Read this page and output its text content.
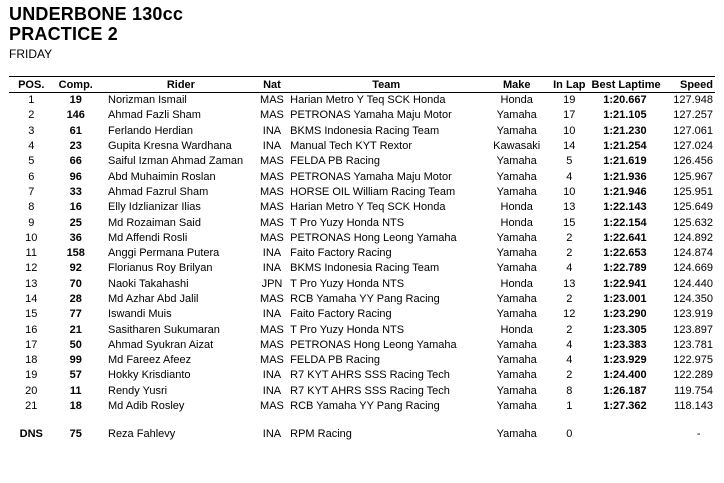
UNDERBONE 130cc
PRACTICE 2
FRIDAY
POS.	Comp.	Rider	Nat	Team	Make	In Lap	Best Laptime	Speed
1	19	Norizman Ismail	MAS	Harian Metro Y Teq SCK Honda	Honda	19	1:20.667	127.948
2	146	Ahmad Fazli Sham	MAS	PETRONAS Yamaha Maju Motor	Yamaha	17	1:21.105	127.257
3	61	Ferlando Herdian	INA	BKMS Indonesia Racing Team	Yamaha	10	1:21.230	127.061
4	23	Gupita Kresna Wardhana	INA	Manual Tech KYT Rextor	Kawasaki	14	1:21.254	127.024
5	66	Saiful Izman Ahmad Zaman	MAS	FELDA PB Racing	Yamaha	5	1:21.619	126.456
6	96	Abd Muhaimin Roslan	MAS	PETRONAS Yamaha Maju Motor	Yamaha	4	1:21.936	125.967
7	33	Ahmad Fazrul Sham	MAS	HORSE OIL William Racing Team	Yamaha	10	1:21.946	125.951
8	16	Elly Idzlianizar Ilias	MAS	Harian Metro Y Teq SCK Honda	Honda	13	1:22.143	125.649
9	25	Md Rozaiman Said	MAS	T Pro Yuzy Honda NTS	Honda	15	1:22.154	125.632
10	36	Md Affendi Rosli	MAS	PETRONAS Hong Leong Yamaha	Yamaha	2	1:22.641	124.892
11	158	Anggi Permana Putera	INA	Faito Factory Racing	Yamaha	2	1:22.653	124.874
12	92	Florianus Roy Brilyan	INA	BKMS Indonesia Racing Team	Yamaha	4	1:22.789	124.669
13	70	Naoki Takahashi	JPN	T Pro Yuzy Honda NTS	Honda	13	1:22.941	124.440
14	28	Md Azhar Abd Jalil	MAS	RCB Yamaha YY Pang Racing	Yamaha	2	1:23.001	124.350
15	77	Iswandi Muis	INA	Faito Factory Racing	Yamaha	12	1:23.290	123.919
16	21	Sasitharen Sukumaran	MAS	T Pro Yuzy Honda NTS	Honda	2	1:23.305	123.897
17	50	Ahmad Syukran Aizat	MAS	PETRONAS Hong Leong Yamaha	Yamaha	4	1:23.383	123.781
18	99	Md Fareez Afeez	MAS	FELDA PB Racing	Yamaha	4	1:23.929	122.975
19	57	Hokky Krisdianto	INA	R7 KYT AHRS SSS Racing Tech	Yamaha	2	1:24.400	122.289
20	11	Rendy Yusri	INA	R7 KYT AHRS SSS Racing Tech	Yamaha	8	1:26.187	119.754
21	18	Md Adib Rosley	MAS	RCB Yamaha YY Pang Racing	Yamaha	1	1:27.362	118.143

DNS	75	Reza Fahlevy	INA	RPM Racing	Yamaha	0		-
